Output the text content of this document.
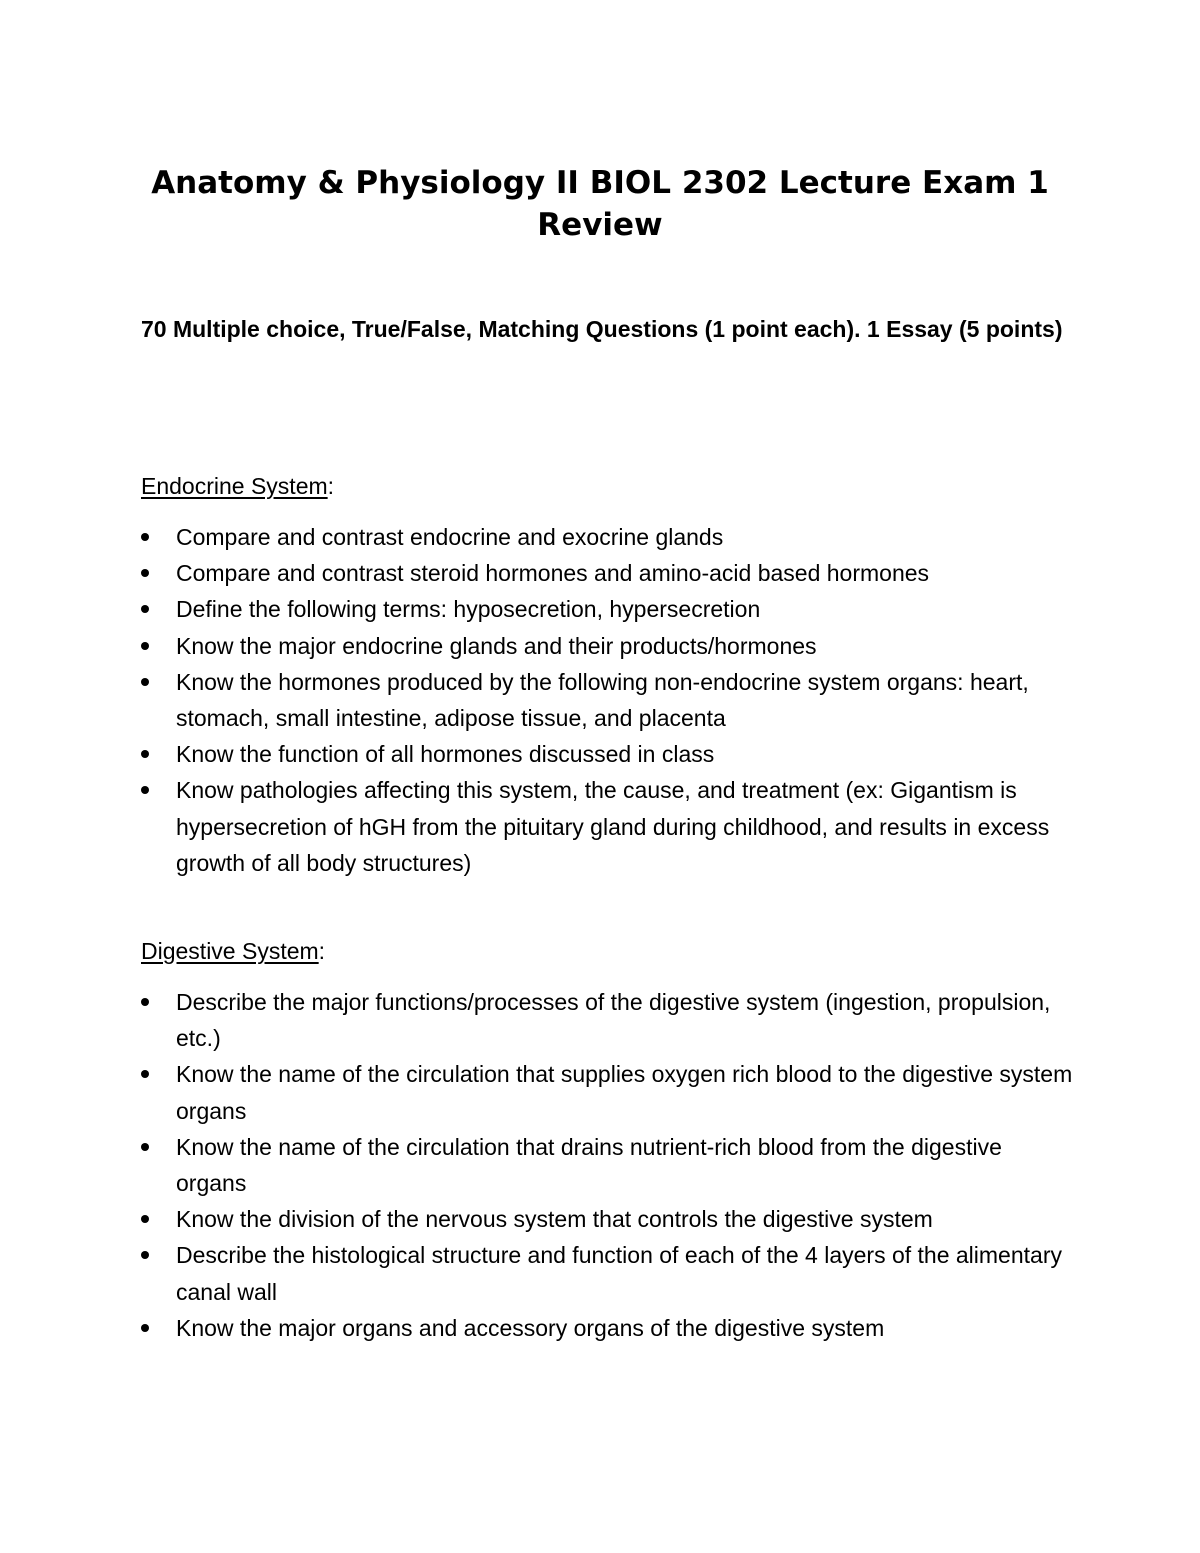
Anatomy & Physiology II BIOL 2302 Lecture Exam 1 Review

70 Multiple choice, True/False, Matching Questions (1 point each). 1 Essay (5 points)

Endocrine System:

Compare and contrast endocrine and exocrine glands
Compare and contrast steroid hormones and amino-acid based hormones
Define the following terms: hyposecretion, hypersecretion
Know the major endocrine glands and their products/hormones
Know the hormones produced by the following non-endocrine system organs: heart, stomach, small intestine, adipose tissue, and placenta
Know the function of all hormones discussed in class
Know pathologies affecting this system, the cause, and treatment (ex: Gigantism is hypersecretion of hGH from the pituitary gland during childhood, and results in excess growth of all body structures)

Digestive System:

Describe the major functions/processes of the digestive system (ingestion, propulsion, etc.)
Know the name of the circulation that supplies oxygen rich blood to the digestive system organs
Know the name of the circulation that drains nutrient-rich blood from the digestive organs
Know the division of the nervous system that controls the digestive system
Describe the histological structure and function of each of the 4 layers of the alimentary canal wall
Know the major organs and accessory organs of the digestive system
